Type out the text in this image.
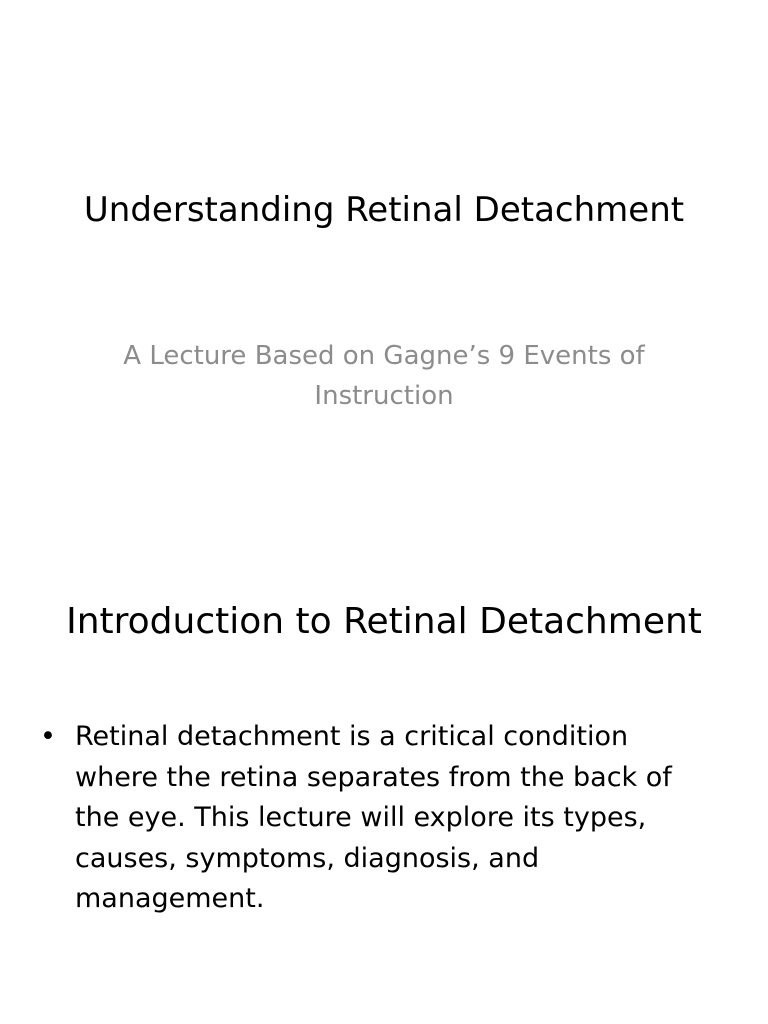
Understanding Retinal Detachment

A Lecture Based on Gagne’s 9 Events of Instruction

Introduction to Retinal Detachment
• Retinal detachment is a critical condition where the retina separates from the back of the eye. This lecture will explore its types, causes, symptoms, diagnosis, and management.
